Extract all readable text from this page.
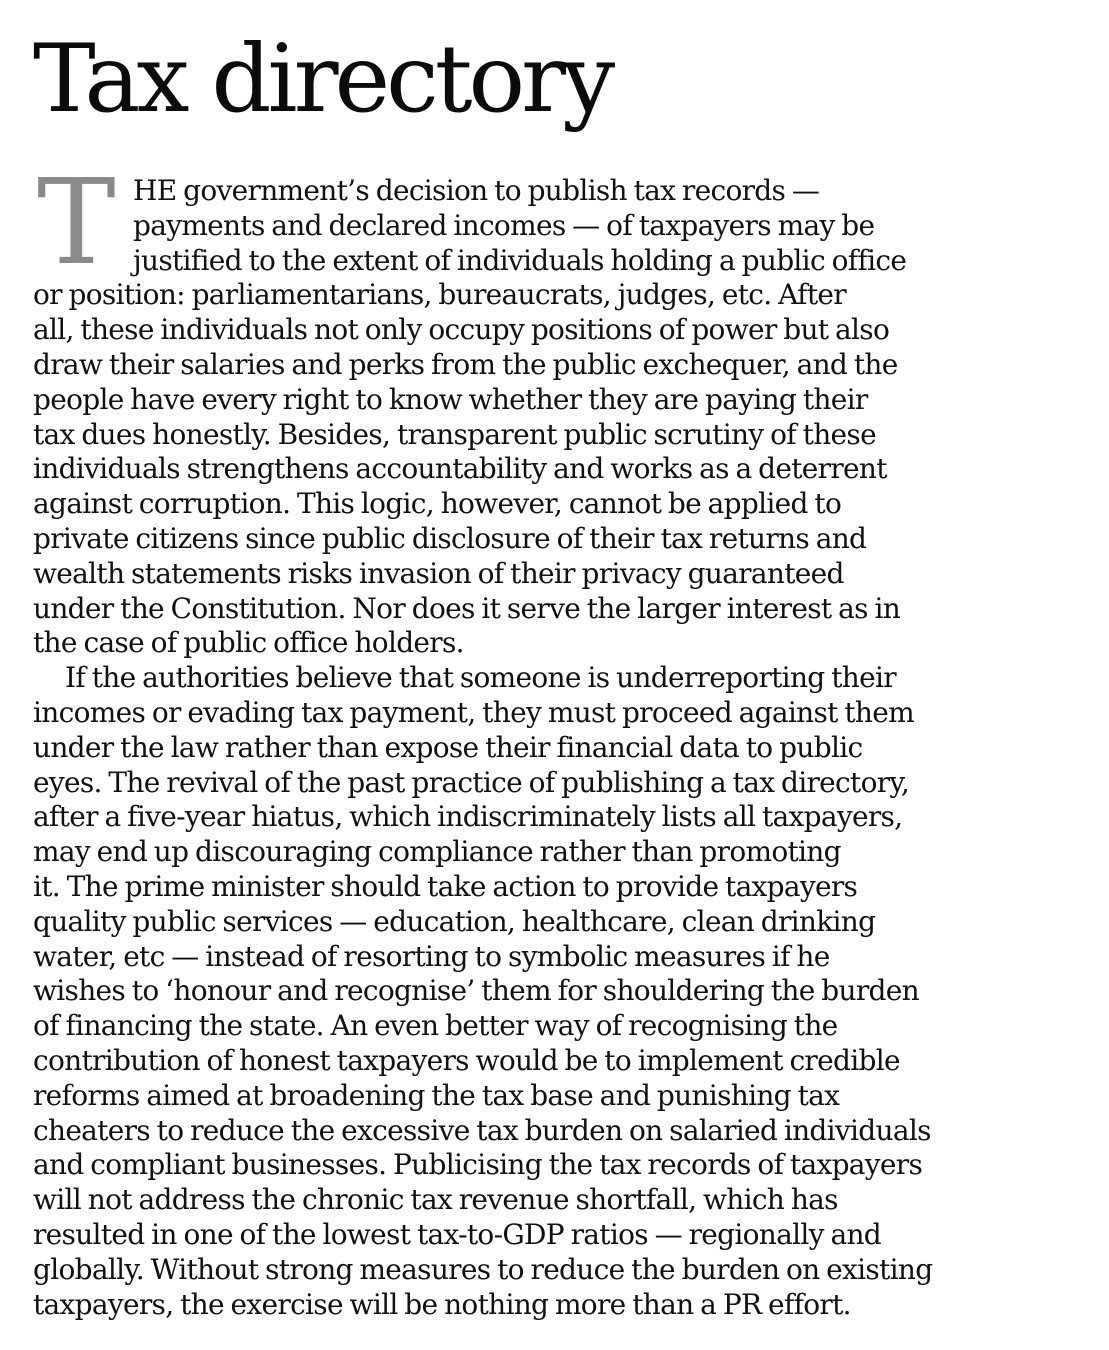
Tax directory
T HE government’s decision to publish tax records —
payments and declared incomes — of taxpayers may be
justified to the extent of individuals holding a public office
or position: parliamentarians, bureaucrats, judges, etc. After
all, these individuals not only occupy positions of power but also
draw their salaries and perks from the public exchequer, and the
people have every right to know whether they are paying their
tax dues honestly. Besides, transparent public scrutiny of these
individuals strengthens accountability and works as a deterrent
against corruption. This logic, however, cannot be applied to
private citizens since public disclosure of their tax returns and
wealth statements risks invasion of their privacy guaranteed
under the Constitution. Nor does it serve the larger interest as in
the case of public office holders.
If the authorities believe that someone is underreporting their
incomes or evading tax payment, they must proceed against them
under the law rather than expose their financial data to public
eyes. The revival of the past practice of publishing a tax directory,
after a five-year hiatus, which indiscriminately lists all taxpayers,
may end up discouraging compliance rather than promoting
it. The prime minister should take action to provide taxpayers
quality public services — education, healthcare, clean drinking
water, etc — instead of resorting to symbolic measures if he
wishes to ‘honour and recognise’ them for shouldering the burden
of financing the state. An even better way of recognising the
contribution of honest taxpayers would be to implement credible
reforms aimed at broadening the tax base and punishing tax
cheaters to reduce the excessive tax burden on salaried individuals
and compliant businesses. Publicising the tax records of taxpayers
will not address the chronic tax revenue shortfall, which has
resulted in one of the lowest tax-to-GDP ratios — regionally and
globally. Without strong measures to reduce the burden on existing
taxpayers, the exercise will be nothing more than a PR effort.
